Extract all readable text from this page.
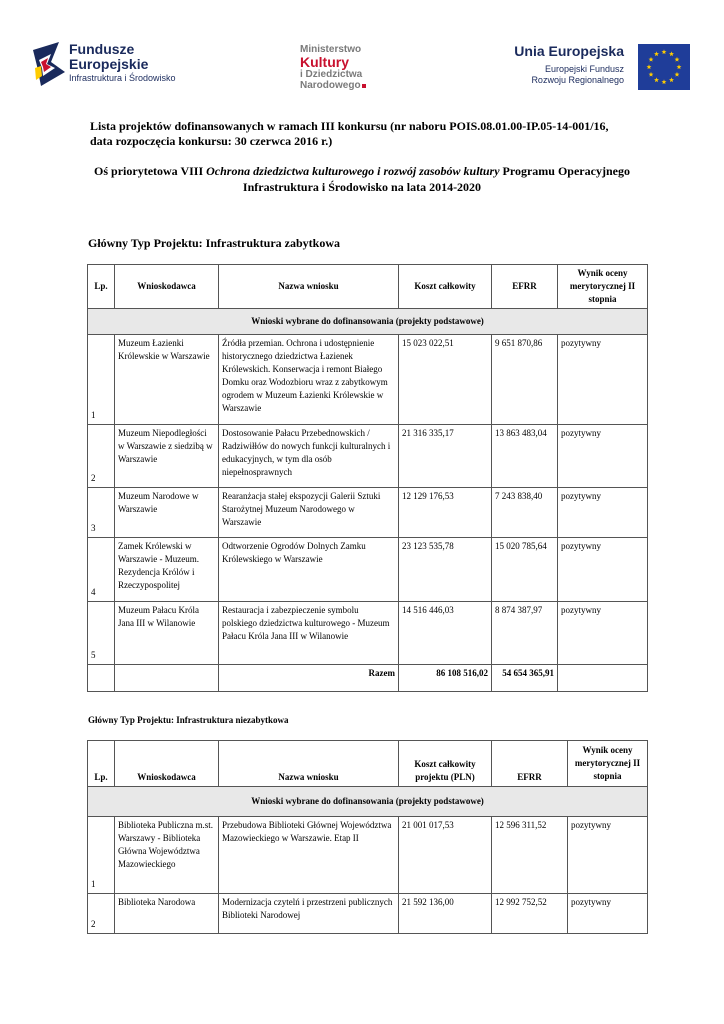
Fundusze
Europejskie
Infrastruktura i Środowisko
Ministerstwo
Kultury
i Dziedzictwa
Narodowego
Unia Europejska
Europejski Fundusz
Rozwoju Regionalnego
Lista projektów dofinansowanych w ramach III konkursu (nr naboru POIS.08.01.00-IP.05-14-001/16,
data rozpoczęcia konkursu: 30 czerwca 2016 r.)
Oś priorytetowa VIII Ochrona dziedzictwa kulturowego i rozwój zasobów kultury Programu Operacyjnego
Infrastruktura i Środowisko na lata 2014-2020
Główny Typ Projektu: Infrastruktura zabytkowa
Lp.	Wnioskodawca	Nazwa wniosku	Koszt całkowity	EFRR	Wynik oceny merytorycznej II stopnia
Wnioski wybrane do dofinansowania (projekty podstawowe)					
1	Muzeum Łazienki Królewskie w Warszawie	Źródła przemian. Ochrona i udostępnienie historycznego dziedzictwa Łazienek Królewskich. Konserwacja i remont Białego Domku oraz Wodozbioru wraz z zabytkowym ogrodem w Muzeum Łazienki Królewskie w Warszawie	15 023 022,51	9 651 870,86	pozytywny
2	Muzeum Niepodległości w Warszawie z siedzibą w Warszawie	Dostosowanie Pałacu Przebednowskich / Radziwiłłów do nowych funkcji kulturalnych i edukacyjnych, w tym dla osób niepełnosprawnych	21 316 335,17	13 863 483,04	pozytywny
3	Muzeum Narodowe w Warszawie	Rearanżacja stałej ekspozycji Galerii Sztuki Starożytnej Muzeum Narodowego w Warszawie	12 129 176,53	7 243 838,40	pozytywny
4	Zamek Królewski w Warszawie - Muzeum. Rezydencja Królów i Rzeczypospolitej	Odtworzenie Ogrodów Dolnych Zamku Królewskiego w Warszawie	23 123 535,78	15 020 785,64	pozytywny
5	Muzeum Pałacu Króla Jana III w Wilanowie	Restauracja i zabezpieczenie symbolu polskiego dziedzictwa kulturowego - Muzeum Pałacu Króla Jana III w Wilanowie	14 516 446,03	8 874 387,97	pozytywny
		Razem	86 108 516,02	54 654 365,91	
Główny Typ Projektu: Infrastruktura niezabytkowa
Lp.	Wnioskodawca	Nazwa wniosku	Koszt całkowity projektu (PLN)	EFRR	Wynik oceny merytorycznej II stopnia
Wnioski wybrane do dofinansowania (projekty podstawowe)					
1	Biblioteka Publiczna m.st. Warszawy - Biblioteka Główna Województwa Mazowieckiego	Przebudowa Biblioteki Głównej Województwa Mazowieckiego w Warszawie. Etap II	21 001 017,53	12 596 311,52	pozytywny
2	Biblioteka Narodowa	Modernizacja czytelń i przestrzeni publicznych Biblioteki Narodowej	21 592 136,00	12 992 752,52	pozytywny
